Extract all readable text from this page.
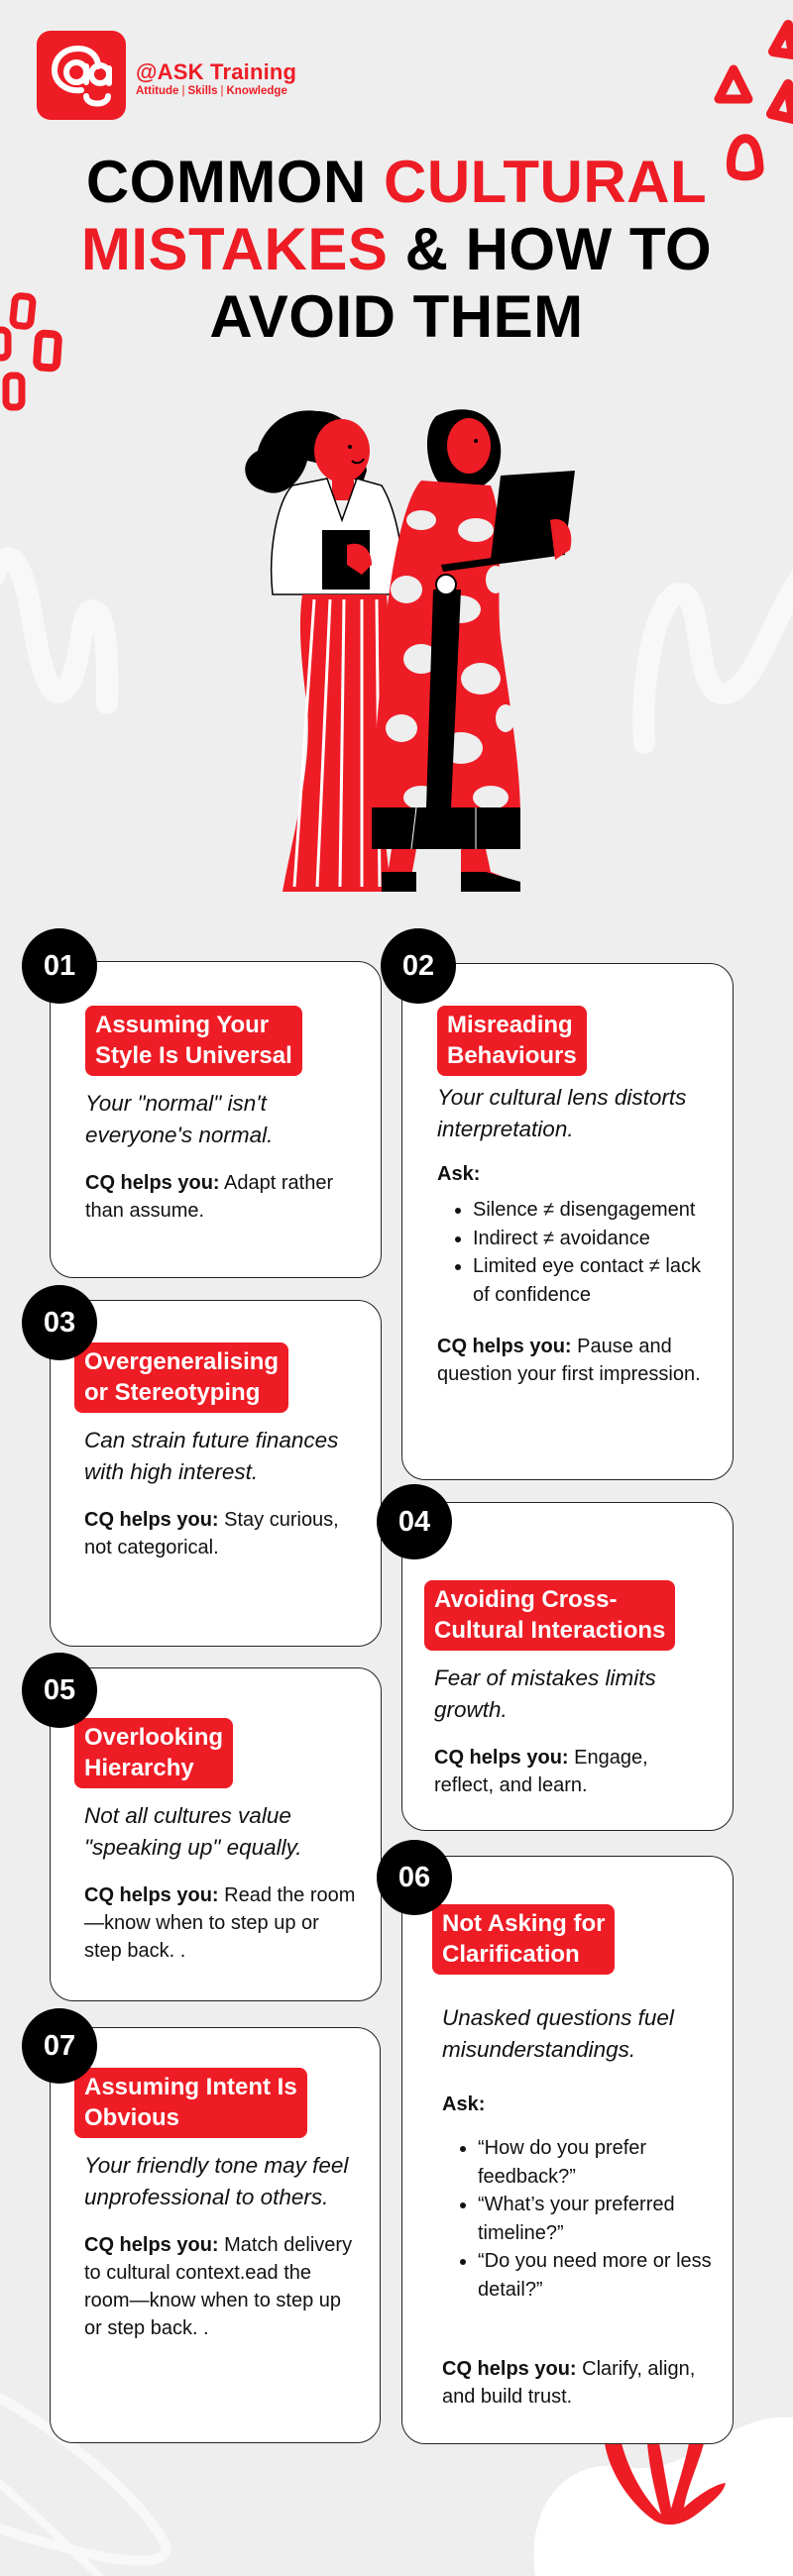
@ASK Training
Attitude | Skills | Knowledge
COMMON CULTURAL
MISTAKES & HOW TO
AVOID THEM
Assuming Your
Style Is Universal
Your "normal" isn't everyone's normal.
CQ helps you: Adapt rather than assume.
01
Misreading
Behaviours
Your cultural lens distorts interpretation.
Ask:
• Silence ≠ disengagement
• Indirect ≠ avoidance
• Limited eye contact ≠ lack of confidence
CQ helps you: Pause and question your first impression.
02
Overgeneralising
or Stereotyping
Can strain future finances with high interest.
CQ helps you: Stay curious, not categorical.
03
Avoiding Cross-
Cultural Interactions
Fear of mistakes limits growth.
CQ helps you: Engage, reflect, and learn.
04
Overlooking
Hierarchy
Not all cultures value "speaking up" equally.
CQ helps you: Read the room—know when to step up or step back. .
05
Not Asking for
Clarification
Unasked questions fuel misunderstandings.
Ask:
• “How do you prefer feedback?”
• “What’s your preferred timeline?”
• “Do you need more or less detail?”
CQ helps you: Clarify, align, and build trust.
06
Assuming Intent Is
Obvious
Your friendly tone may feel unprofessional to others.
CQ helps you: Match delivery to cultural context.ead the room—know when to step up or step back. .
07
